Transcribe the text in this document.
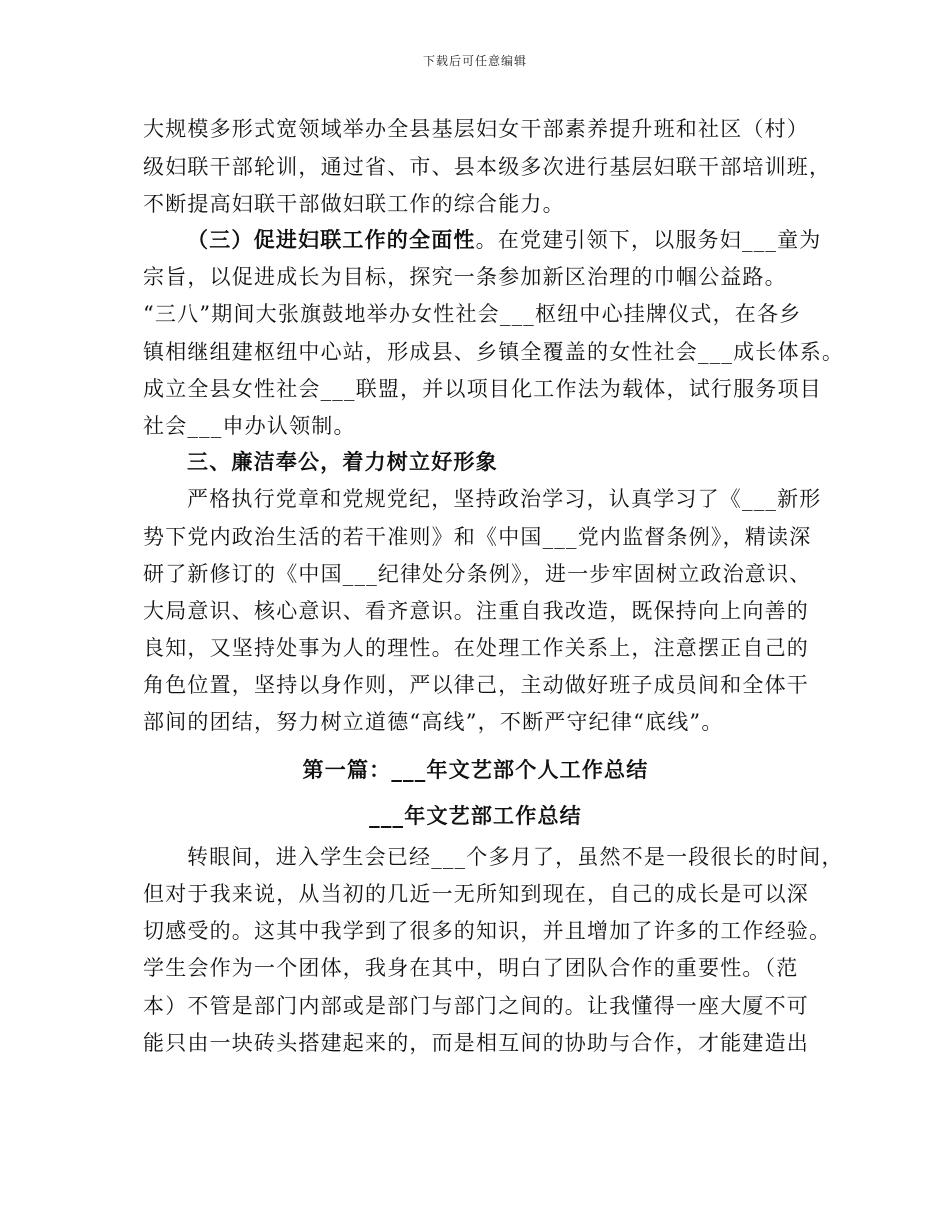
下载后可任意编辑
大规模多形式宽领域举办全县基层妇女干部素养提升班和社区（村）
级妇联干部轮训，通过省、市、县本级多次进行基层妇联干部培训班，
不断提高妇联干部做妇联工作的综合能力。
（三）促进妇联工作的全面性。在党建引领下，以服务妇___童为
宗旨，以促进成长为目标，探究一条参加新区治理的巾帼公益路。
“三八”期间大张旗鼓地举办女性社会___枢纽中心挂牌仪式，在各乡
镇相继组建枢纽中心站，形成县、乡镇全覆盖的女性社会___成长体系。
成立全县女性社会___联盟，并以项目化工作法为载体，试行服务项目
社会___申办认领制。
三、廉洁奉公，着力树立好形象
严格执行党章和党规党纪，坚持政治学习，认真学习了《___新形
势下党内政治生活的若干准则》和《中国___党内监督条例》，精读深
研了新修订的《中国___纪律处分条例》，进一步牢固树立政治意识、
大局意识、核心意识、看齐意识。注重自我改造，既保持向上向善的
良知，又坚持处事为人的理性。在处理工作关系上，注意摆正自己的
角色位置，坚持以身作则，严以律己，主动做好班子成员间和全体干
部间的团结，努力树立道德“高线”，不断严守纪律“底线”。
第一篇：___年文艺部个人工作总结
___年文艺部工作总结
转眼间，进入学生会已经___个多月了，虽然不是一段很长的时间，
但对于我来说，从当初的几近一无所知到现在，自己的成长是可以深
切感受的。这其中我学到了很多的知识，并且增加了许多的工作经验。
学生会作为一个团体，我身在其中，明白了团队合作的重要性。（范
本）不管是部门内部或是部门与部门之间的。让我懂得一座大厦不可
能只由一块砖头搭建起来的，而是相互间的协助与合作，才能建造出
